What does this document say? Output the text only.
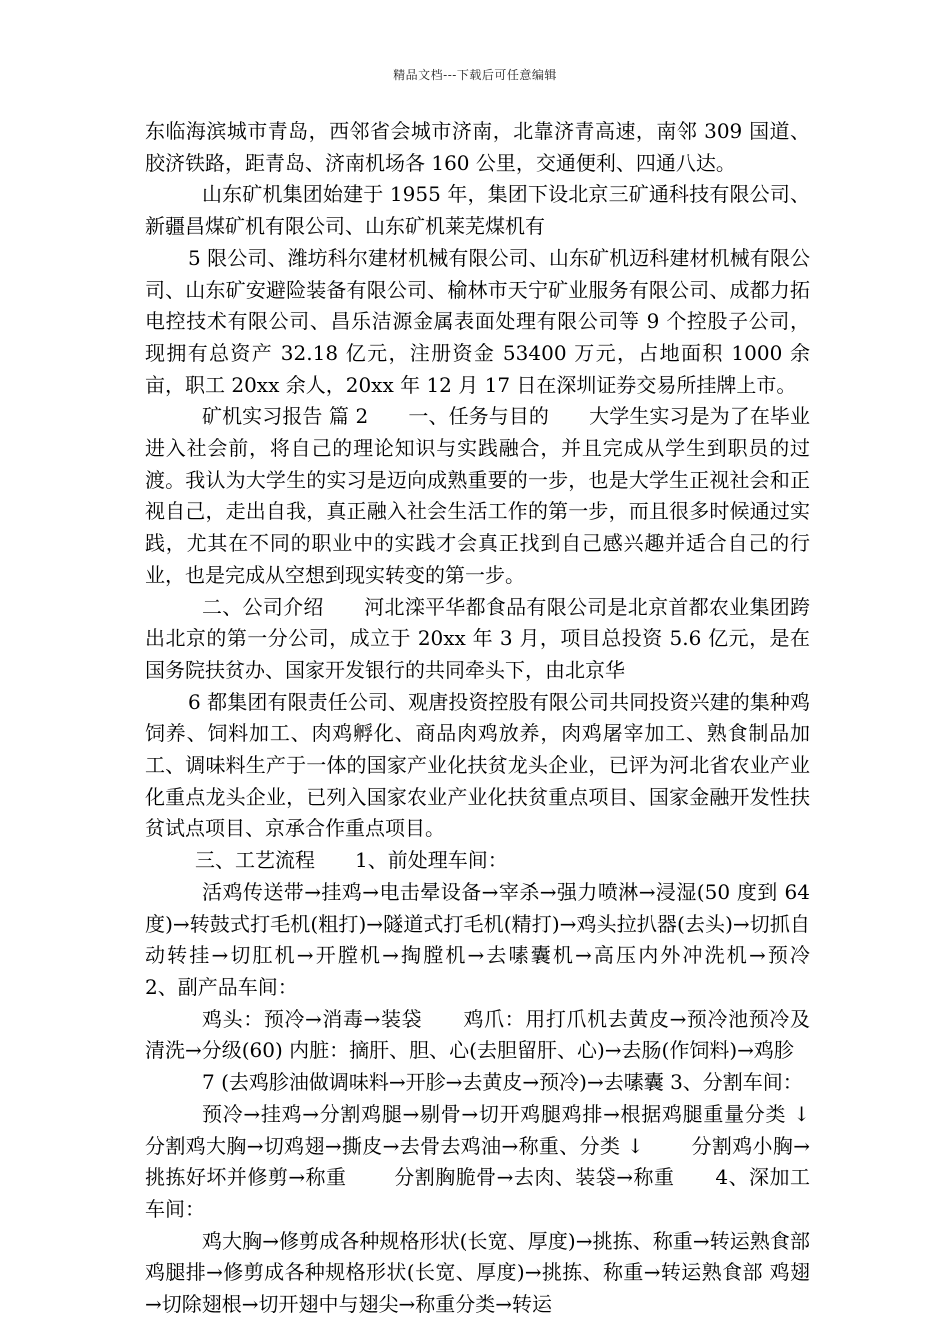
精品文档---下载后可任意编辑

东临海滨城市青岛，西邻省会城市济南，北靠济青高速，南邻 309 国道、胶济铁路，距青岛、济南机场各 160 公里，交通便利、四通八达。

山东矿机集团始建于 1955 年，集团下设北京三矿通科技有限公司、新疆昌煤矿机有限公司、山东矿机莱芜煤机有

5 限公司、潍坊科尔建材机械有限公司、山东矿机迈科建材机械有限公司、山东矿安避险装备有限公司、榆林市天宁矿业服务有限公司、成都力拓电控技术有限公司、昌乐洁源金属表面处理有限公司等 9 个控股子公司，现拥有总资产 32.18 亿元，注册资金 53400 万元，占地面积 1000 余亩，职工 20xx 余人，20xx 年 12 月 17 日在深圳证券交易所挂牌上市。

矿机实习报告 篇 2　　一、任务与目的　　大学生实习是为了在毕业进入社会前，将自己的理论知识与实践融合，并且完成从学生到职员的过渡。我认为大学生的实习是迈向成熟重要的一步，也是大学生正视社会和正视自己，走出自我，真正融入社会生活工作的第一步，而且很多时候通过实践，尤其在不同的职业中的实践才会真正找到自己感兴趣并适合自己的行业，也是完成从空想到现实转变的第一步。

二、公司介绍　　河北滦平华都食品有限公司是北京首都农业集团跨出北京的第一分公司，成立于 20xx 年 3 月，项目总投资 5.6 亿元，是在国务院扶贫办、国家开发银行的共同牵头下，由北京华

6 都集团有限责任公司、观唐投资控股有限公司共同投资兴建的集种鸡饲养、饲料加工、肉鸡孵化、商品肉鸡放养，肉鸡屠宰加工、熟食制品加工、调味料生产于一体的国家产业化扶贫龙头企业，已评为河北省农业产业化重点龙头企业，已列入国家农业产业化扶贫重点项目、国家金融开发性扶贫试点项目、京承合作重点项目。

三、工艺流程　　1、前处理车间：

活鸡传送带→挂鸡→电击晕设备→宰杀→强力喷淋→浸湿(50 度到 64 度)→转鼓式打毛机(粗打)→隧道式打毛机(精打)→鸡头拉扒器(去头)→切抓自动转挂→切肛机→开膛机→掏膛机→去嗉囊机→高压内外冲洗机→预冷　　2、副产品车间：

鸡头：预冷→消毒→装袋　　鸡爪：用打爪机去黄皮→预冷池预冷及清洗→分级(60) 内脏：摘肝、胆、心(去胆留肝、心)→去肠(作饲料)→鸡胗

7 (去鸡胗油做调味料→开胗→去黄皮→预冷)→去嗉囊 3、分割车间：

预冷→挂鸡→分割鸡腿→剔骨→切开鸡腿鸡排→根据鸡腿重量分类 ↓　　 分割鸡大胸→切鸡翅→撕皮→去骨去鸡油→称重、分类 ↓　　 分割鸡小胸→挑拣好坏并修剪→称重　　 分割胸脆骨→去肉、装袋→称重　　4、深加工车间：

鸡大胸→修剪成各种规格形状(长宽、厚度)→挑拣、称重→转运熟食部 鸡腿排→修剪成各种规格形状(长宽、厚度)→挑拣、称重→转运熟食部 鸡翅→切除翅根→切开翅中与翅尖→称重分类→转运
